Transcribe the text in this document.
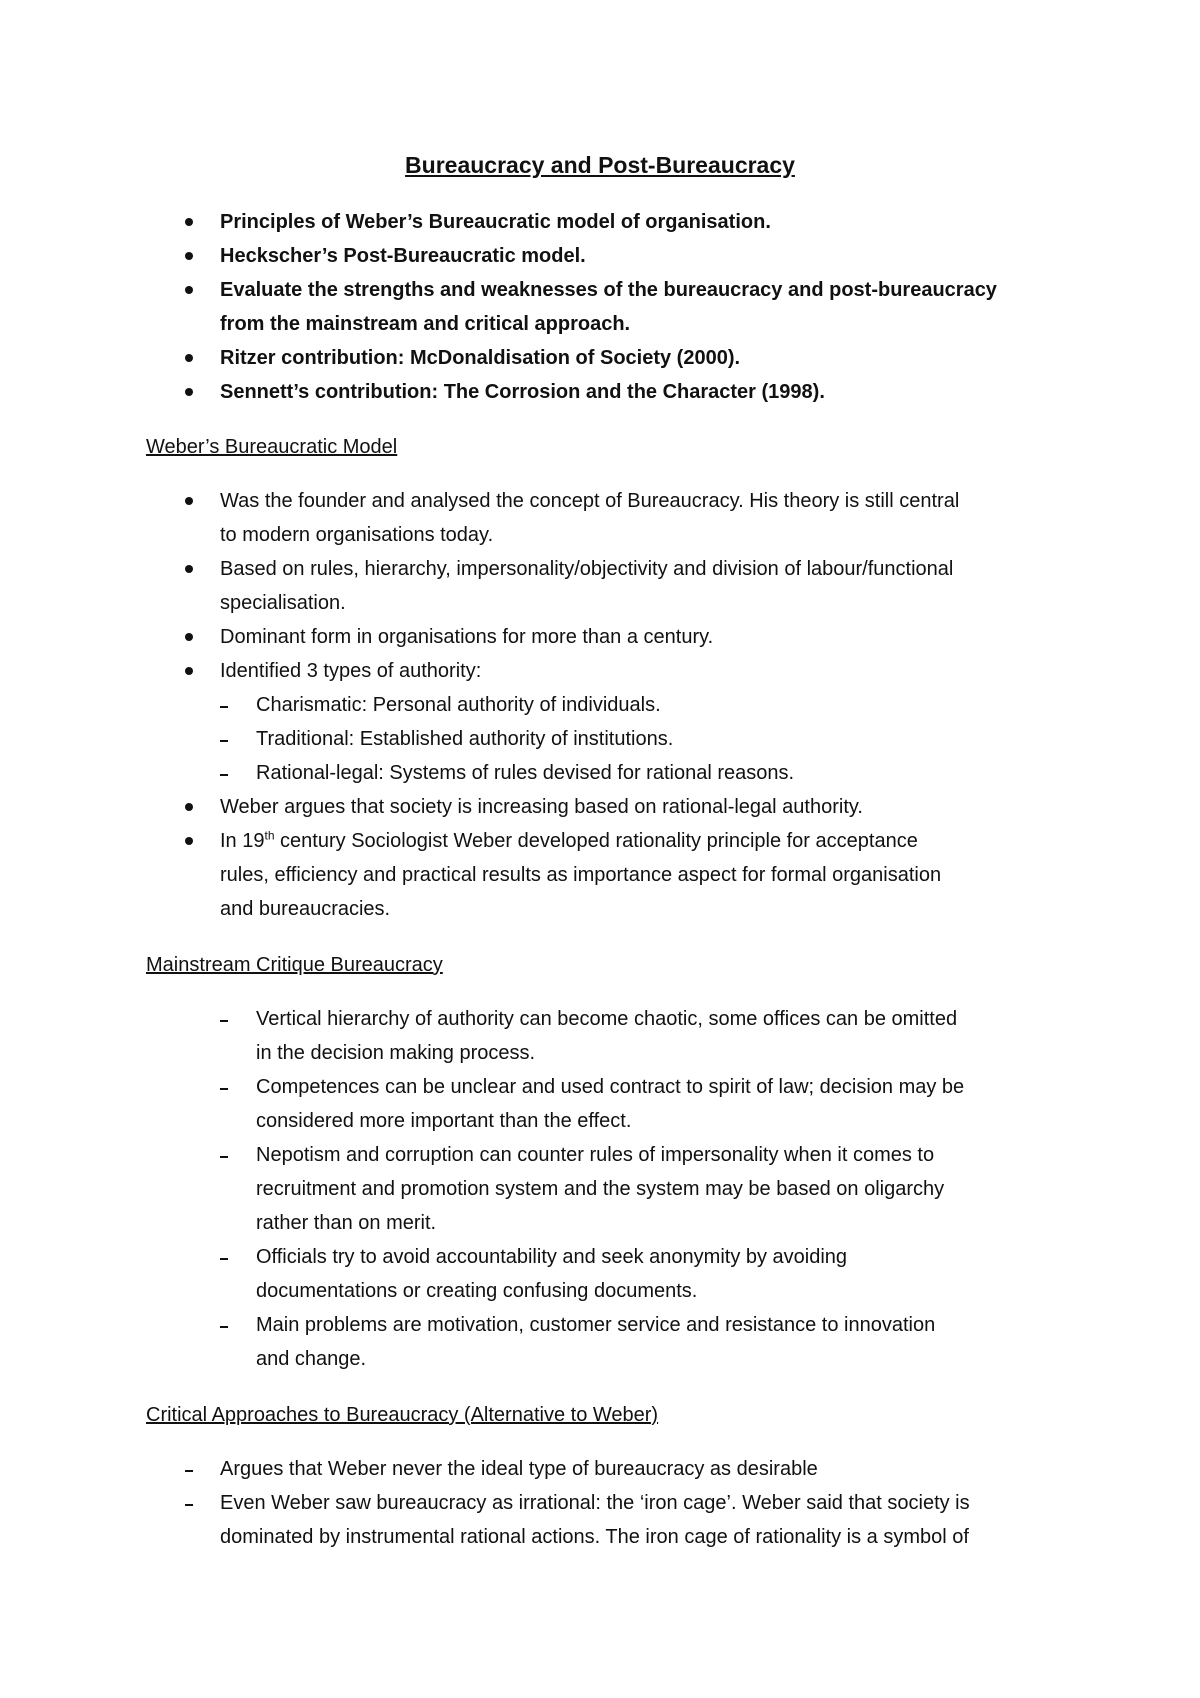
Bureaucracy and Post-Bureaucracy
Principles of Weber’s Bureaucratic model of organisation.
Heckscher’s Post-Bureaucratic model.
Evaluate the strengths and weaknesses of the bureaucracy and post-bureaucracy
from the mainstream and critical approach.
Ritzer contribution: McDonaldisation of Society (2000).
Sennett’s contribution: The Corrosion and the Character (1998).
Weber’s Bureaucratic Model
Was the founder and analysed the concept of Bureaucracy. His theory is still central
to modern organisations today.
Based on rules, hierarchy, impersonality/objectivity and division of labour/functional
specialisation.
Dominant form in organisations for more than a century.
Identified 3 types of authority:
Charismatic: Personal authority of individuals.
Traditional: Established authority of institutions.
Rational-legal: Systems of rules devised for rational reasons.
Weber argues that society is increasing based on rational-legal authority.
In 19th century Sociologist Weber developed rationality principle for acceptance
rules, efficiency and practical results as importance aspect for formal organisation
and bureaucracies.
Mainstream Critique Bureaucracy
Vertical hierarchy of authority can become chaotic, some offices can be omitted
in the decision making process.
Competences can be unclear and used contract to spirit of law; decision may be
considered more important than the effect.
Nepotism and corruption can counter rules of impersonality when it comes to
recruitment and promotion system and the system may be based on oligarchy
rather than on merit.
Officials try to avoid accountability and seek anonymity by avoiding
documentations or creating confusing documents.
Main problems are motivation, customer service and resistance to innovation
and change.
Critical Approaches to Bureaucracy (Alternative to Weber)
Argues that Weber never the ideal type of bureaucracy as desirable
Even Weber saw bureaucracy as irrational: the ‘iron cage’. Weber said that society is
dominated by instrumental rational actions. The iron cage of rationality is a symbol of
